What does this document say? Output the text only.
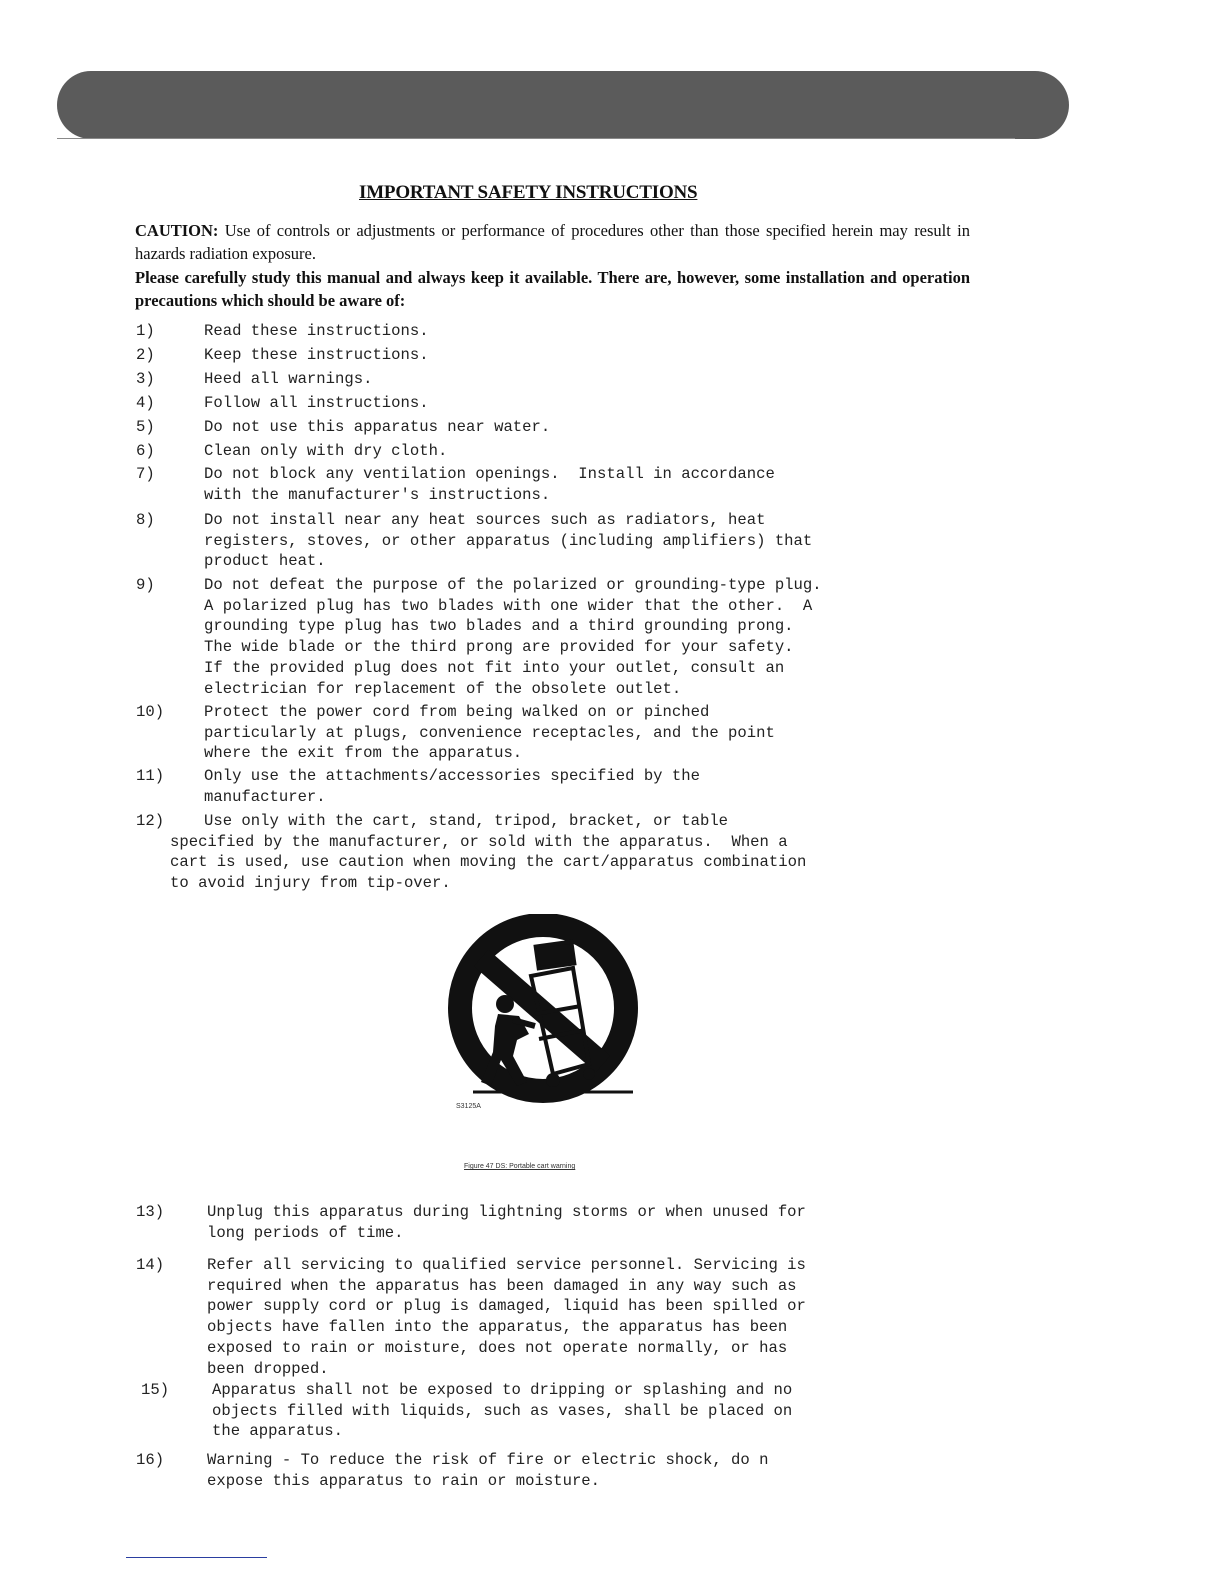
IMPORTANT SAFETY INSTRUCTIONS
CAUTION: Use of controls or adjustments or performance of procedures other than those specified herein may result in hazards radiation exposure.
Please carefully study this manual and always keep it available. There are, however, some installation and operation precautions which should be aware of:
1)	Read these instructions.
2)	Keep these instructions.
3)	Heed all warnings.
4)	Follow all instructions.
5)	Do not use this apparatus near water.
6)	Clean only with dry cloth.
7)	Do not block any ventilation openings.  Install in accordance
with the manufacturer's instructions.
8)	Do not install near any heat sources such as radiators, heat
registers, stoves, or other apparatus (including amplifiers) that
product heat.
9)	Do not defeat the purpose of the polarized or grounding-type plug.
A polarized plug has two blades with one wider that the other.  A
grounding type plug has two blades and a third grounding prong.
The wide blade or the third prong are provided for your safety.
If the provided plug does not fit into your outlet, consult an
electrician for replacement of the obsolete outlet.
10)	Protect the power cord from being walked on or pinched
particularly at plugs, convenience receptacles, and the point
where the exit from the apparatus.
11)	Only use the attachments/accessories specified by the
manufacturer.
12)	Use only with the cart, stand, tripod, bracket, or table
specified by the manufacturer, or sold with the apparatus.  When a
cart is used, use caution when moving the cart/apparatus combination
to avoid injury from tip-over.
13)	Unplug this apparatus during lightning storms or when unused for
long periods of time.
14)	Refer all servicing to qualified service personnel. Servicing is
required when the apparatus has been damaged in any way such as
power supply cord or plug is damaged, liquid has been spilled or
objects have fallen into the apparatus, the apparatus has been
exposed to rain or moisture, does not operate normally, or has
been dropped.
15)	Apparatus shall not be exposed to dripping or splashing and no
objects filled with liquids, such as vases, shall be placed on
the apparatus.
16)	Warning - To reduce the risk of fire or electric shock, do n
expose this apparatus to rain or moisture.
S3125A
Figure 47 DS: Portable cart warning
